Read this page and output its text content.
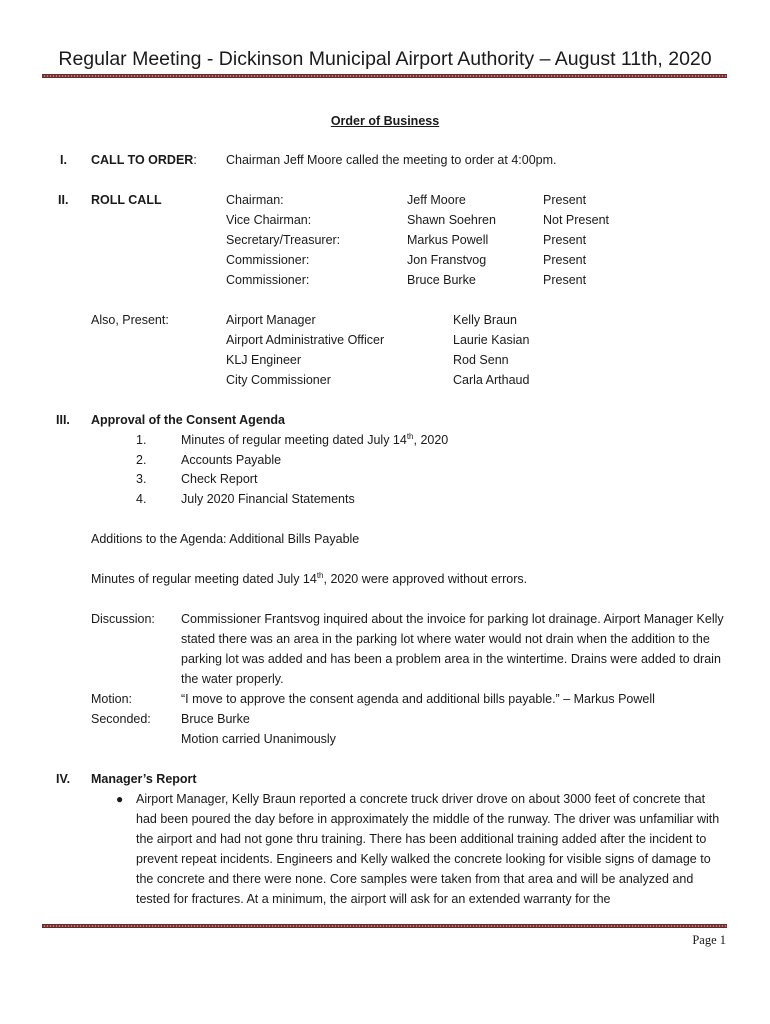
Regular Meeting - Dickinson Municipal Airport Authority – August 11th, 2020
Order of Business
I. CALL TO ORDER: Chairman Jeff Moore called the meeting to order at 4:00pm.
II. ROLL CALL	Chairman:	Jeff Moore	Present
Vice Chairman:	Shawn Soehren	Not Present
Secretary/Treasurer:	Markus Powell	Present
Commissioner:	Jon Franstvog	Present
Commissioner:	Bruce Burke	Present
Also, Present:	Airport Manager	Kelly Braun
Airport Administrative Officer	Laurie Kasian
KLJ Engineer	Rod Senn
City Commissioner	Carla Arthaud
III. Approval of the Consent Agenda
1.	Minutes of regular meeting dated July 14th, 2020
2.	Accounts Payable
3.	Check Report
4.	July 2020 Financial Statements
Additions to the Agenda: Additional Bills Payable
Minutes of regular meeting dated July 14th, 2020 were approved without errors.
Discussion: Commissioner Frantsvog inquired about the invoice for parking lot drainage. Airport Manager Kelly stated there was an area in the parking lot where water would not drain when the addition to the parking lot was added and has been a problem area in the wintertime. Drains were added to drain the water properly.
Motion:	“I move to approve the consent agenda and additional bills payable.” – Markus Powell
Seconded: Bruce Burke
Motion carried Unanimously
IV. Manager’s Report
● Airport Manager, Kelly Braun reported a concrete truck driver drove on about 3000 feet of concrete that had been poured the day before in approximately the middle of the runway. The driver was unfamiliar with the airport and had not gone thru training. There has been additional training added after the incident to prevent repeat incidents. Engineers and Kelly walked the concrete looking for visible signs of damage to the concrete and there were none. Core samples were taken from that area and will be analyzed and tested for fractures. At a minimum, the airport will ask for an extended warranty for the
Page 1
